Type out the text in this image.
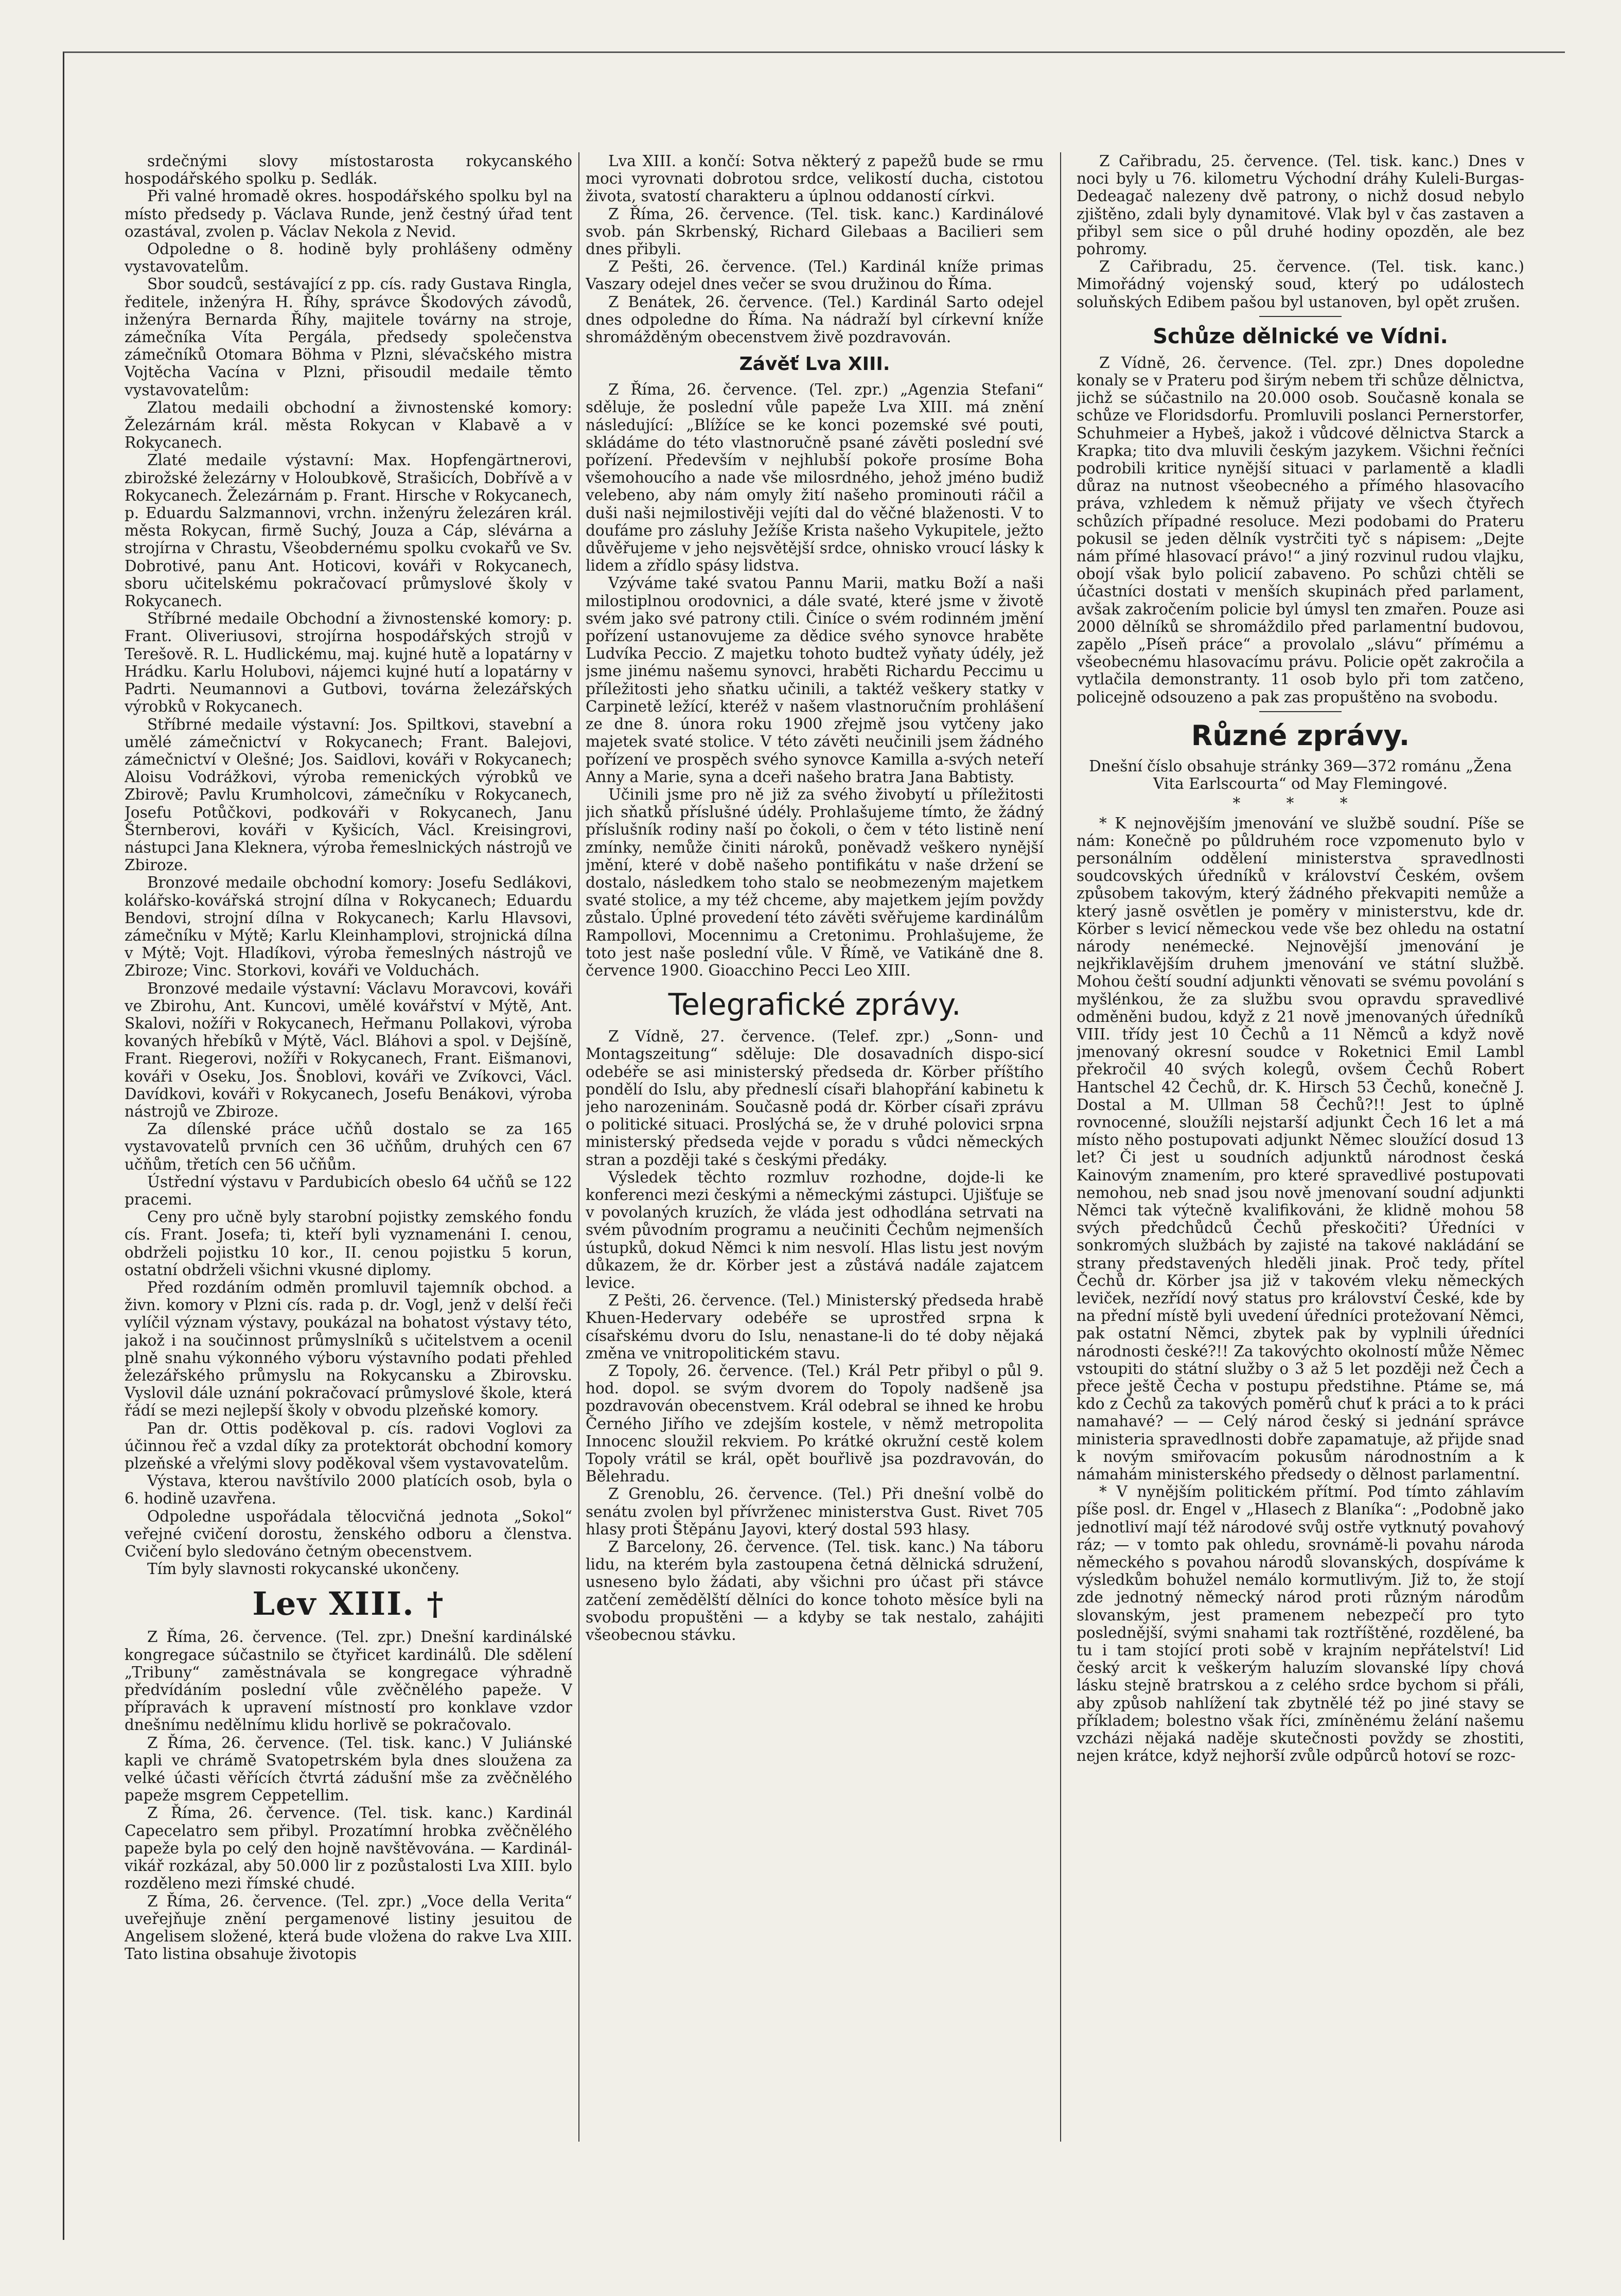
srdečnými slovy místostarosta rokycanského hospodářského spolku p. Sedlák.

Při valné hromadě okres. hospodářského spolku byl na místo předsedy p. Václava Runde, jenž čestný úřad tent ozastával, zvolen p. Václav Nekola z Nevid.

Odpoledne o 8. hodině byly prohlášeny odměny vystavovatelům.

Sbor soudců, sestávající z pp. cís. rady Gustava Ringla, ředitele, inženýra H. Říhy, správce Škodových závodů, inženýra Bernarda Říhy, majitele továrny na stroje, zámečníka Víta Pergála, předsedy společenstva zámečníků Otomara Böhma v Plzni, slévačského mistra Vojtěcha Vacína v Plzni, přisoudil medaile těmto vystavovatelům:

Zlatou medaili obchodní a živnostenské komory: Železárnám král. města Rokycan v Klabavě a v Rokycanech.

Zlaté medaile výstavní: Max. Hopfengärtnerovi, zbirožské železárny v Holoubkově, Strašicích, Dobřívě a v Rokycanech. Železárnám p. Frant. Hirsche v Rokycanech, p. Eduardu Salzmannovi, vrchn. inženýru železáren král. města Rokycan, firmě Suchý, Jouza a Cáp, slévárna a strojírna v Chrastu, Všeobdernému spolku cvokařů ve Sv. Dobrotivé, panu Ant. Hoticovi, kováři v Rokycanech, sboru učitelskému pokračovací průmyslové školy v Rokycanech.

Stříbrné medaile Obchodní a živnostenské komory: p. Frant. Oliveriusovi, strojírna hospodářských strojů v Terešově. R. L. Hudlickému, maj. kujné hutě a lopatárny v Hrádku. Karlu Holubovi, nájemci kujné hutí a lopatárny v Padrti. Neumannovi a Gutbovi, továrna železářských výrobků v Rokycanech.

Stříbrné medaile výstavní: Jos. Spiltkovi, stavební a umělé zámečnictví v Rokycanech; Frant. Balejovi, zámečnictví v Olešné; Jos. Saidlovi, kováři v Rokycanech; Aloisu Vodrážkovi, výroba remenických výrobků ve Zbirově; Pavlu Krumholcovi, zámečníku v Rokycanech, Josefu Potůčkovi, podkováři v Rokycanech, Janu Šternberovi, kováři v Kyšicích, Václ. Kreisingrovi, nástupci Jana Kleknera, výroba řemeslnických nástrojů ve Zbiroze.

Bronzové medaile obchodní komory: Josefu Sedlákovi, kolářsko-kovářská strojní dílna v Rokycanech; Eduardu Bendovi, strojní dílna v Rokycanech; Karlu Hlavsovi, zámečníku v Mýtě; Karlu Kleinhamplovi, strojnická dílna v Mýtě; Vojt. Hladíkovi, výroba řemeslných nástrojů ve Zbiroze; Vinc. Storkovi, kováři ve Volduchách.

Bronzové medaile výstavní: Václavu Moravcovi, kováři ve Zbirohu, Ant. Kuncovi, umělé kovářství v Mýtě, Ant. Skalovi, nožíři v Rokycanech, Heřmanu Pollakovi, výroba kovaných hřebíků v Mýtě, Václ. Bláhovi a spol. v Dejšíně, Frant. Riegerovi, nožíři v Rokycanech, Frant. Eišmanovi, kováři v Oseku, Jos. Šnoblovi, kováři ve Zvíkovci, Václ. Davídkovi, kováři v Rokycanech, Josefu Benákovi, výroba nástrojů ve Zbiroze.

Za dílenské práce učňů dostalo se za 165 vystavovatelů prvních cen 36 učňům, druhých cen 67 učňům, třetích cen 56 učňům.

Ústřední výstavu v Pardubicích obeslo 64 učňů se 122 pracemi.

Ceny pro učně byly starobní pojistky zemského fondu cís. Frant. Josefa; ti, kteří byli vyznamenáni I. cenou, obdrželi pojistku 10 kor., II. cenou pojistku 5 korun, ostatní obdrželi všichni vkusné diplomy.

Před rozdáním odměn promluvil tajemník obchod. a živn. komory v Plzni cís. rada p. dr. Vogl, jenž v delší řeči vylíčil význam výstavy, poukázal na bohatost výstavy této, jakož i na součinnost průmyslníků s učitelstvem a ocenil plně snahu výkonného výboru výstavního podati přehled železářského průmyslu na Rokycansku a Zbirovsku. Vyslovil dále uznání pokračovací průmyslové škole, která řádí se mezi nejlepší školy v obvodu plzeňské komory.

Pan dr. Ottis poděkoval p. cís. radovi Voglovi za účinnou řeč a vzdal díky za protektorát obchodní komory plzeňské a vřelými slovy poděkoval všem vystavovatelům.

Výstava, kterou navštívilo 2000 platících osob, byla o 6. hodině uzavřena.

Odpoledne uspořádala tělocvičná jednota „Sokol“ veřejné cvičení dorostu, ženského odboru a členstva. Cvičení bylo sledováno četným obecenstvem.

Tím byly slavnosti rokycanské ukončeny.

Lev XIII. †

Z Říma, 26. července. (Tel. zpr.) Dnešní kardinálské kongregace súčastnilo se čtyřicet kardinálů. Dle sdělení „Tribuny“ zaměstnávala se kongregace výhradně předvídáním poslední vůle zvěčnělého papeže. V přípravách k upravení místností pro konklave vzdor dnešnímu nedělnímu klidu horlivě se pokračovalo.

Z Říma, 26. července. (Tel. tisk. kanc.) V Juliánské kapli ve chrámě Svatopetrském byla dnes sloužena za velké účasti věřících čtvrtá zádušní mše za zvěčnělého papeže msgrem Ceppetellim.

Z Říma, 26. července. (Tel. tisk. kanc.) Kardinál Capecelatro sem přibyl. Prozatímní hrobka zvěčnělého papeže byla po celý den hojně navštěvována. — Kardinál-vikář rozkázal, aby 50.000 lir z pozůstalosti Lva XIII. bylo rozděleno mezi římské chudé.

Z Říma, 26. července. (Tel. zpr.) „Voce della Verita“ uveřejňuje znění pergamenové listiny jesuitou de Angelisem složené, která bude vložena do rakve Lva XIII. Tato listina obsahuje životopis

Lva XIII. a končí: Sotva některý z papežů bude se rmu moci vyrovnati dobrotou srdce, velikostí ducha, cistotou života, svatostí charakteru a úplnou oddaností církvi.

Z Říma, 26. července. (Tel. tisk. kanc.) Kardinálové svob. pán Skrbenský, Richard Gilebaas a Bacilieri sem dnes přibyli.

Z Pešti, 26. července. (Tel.) Kardinál kníže primas Vaszary odejel dnes večer se svou družinou do Říma.

Z Benátek, 26. července. (Tel.) Kardinál Sarto odejel dnes odpoledne do Říma. Na nádraží byl církevní kníže shromážděným obecenstvem živě pozdravován.

Závěť Lva XIII.

Z Říma, 26. července. (Tel. zpr.) „Agenzia Stefani“ sděluje, že poslední vůle papeže Lva XIII. má znění následující: „Blížíce se ke konci pozemské své pouti, skládáme do této vlastnoručně psané závěti poslední své pořízení. Především v nejhlubší pokoře prosíme Boha všemohoucího a nade vše milosrdného, jehož jméno budiž velebeno, aby nám omyly žití našeho prominouti ráčil a duši naši nejmilostivěji vejíti dal do věčné blaženosti. V to doufáme pro zásluhy Ježíše Krista našeho Vykupitele, ježto důvěřujeme v jeho nejsvětější srdce, ohnisko vroucí lásky k lidem a zřídlo spásy lidstva.

Vzýváme také svatou Pannu Marii, matku Boží a naši milostiplnou orodovnici, a dále svaté, které jsme v životě svém jako své patrony ctili. Činíce o svém rodinném jmění pořízení ustanovujeme za dědice svého synovce hraběte Ludvíka Peccio. Z majetku tohoto budtež vyňaty údély, jež jsme jinému našemu synovci, hraběti Richardu Peccimu u příležitosti jeho sňatku učinili, a taktéž veškery statky v Carpinetě ležící, kteréž v našem vlastnoručním prohlášení ze dne 8. února roku 1900 zřejmě jsou vytčeny jako majetek svaté stolice. V této závěti neučinili jsem žádného pořízení ve prospěch svého synovce Kamilla a-svých neteří Anny a Marie, syna a dceři našeho bratra Jana Babtisty.

Učinili jsme pro ně již za svého živobytí u příležitosti jich sňatků příslušné údély. Prohlašujeme tímto, že žádný příslušník rodiny naší po čokoli, o čem v této listině není zmínky, nemůže činiti nároků, poněvadž veškero nynější jmění, které v době našeho pontifikátu v naše držení se dostalo, následkem toho stalo se neobmezeným majetkem svaté stolice, a my též chceme, aby majetkem jejím povždy zůstalo. Úplné provedení této závěti svěřujeme kardinálům Rampollovi, Mocennimu a Cretonimu. Prohlašujeme, že toto jest naše poslední vůle. V Římě, ve Vatikáně dne 8. července 1900. Gioacchino Pecci Leo XIII.

Telegrafické zprávy.

Z Vídně, 27. července. (Telef. zpr.) „Sonn- und Montagszeitung“ sděluje: Dle dosavadních dispo-sicí odebéře se asi ministerský předseda dr. Körber příštího pondělí do Islu, aby předneslí císaři blahopřání kabinetu k jeho narozeninám. Současně podá dr. Körber císaři zprávu o politické situaci. Proslýchá se, že v druhé polovici srpna ministerský předseda vejde v poradu s vůdci německých stran a později také s českými předáky.

Výsledek těchto rozmluv rozhodne, dojde-li ke konferenci mezi českými a německými zástupci. Ujišťuje se v povolaných kruzích, že vláda jest odhodlána setrvati na svém původním programu a neučiniti Čechům nejmenších ústupků, dokud Němci k nim nesvolí. Hlas listu jest novým důkazem, že dr. Körber jest a zůstává nadále zajatcem levice.

Z Pešti, 26. července. (Tel.) Ministerský předseda hrabě Khuen-Hedervary odebéře se uprostřed srpna k císařskému dvoru do Islu, nenastane-li do té doby nějaká změna ve vnitropolitickém stavu.

Z Topoly, 26. července. (Tel.) Král Petr přibyl o půl 9. hod. dopol. se svým dvorem do Topoly nadšeně jsa pozdravován obecenstvem. Král odebral se ihned ke hrobu Černého Jiřího ve zdejším kostele, v němž metropolita Innocenc sloužil rekviem. Po krátké okružní cestě kolem Topoly vrátil se král, opět bouřlivě jsa pozdravován, do Bělehradu.

Z Grenoblu, 26. července. (Tel.) Při dnešní volbě do senátu zvolen byl přívrženec ministerstva Gust. Rivet 705 hlasy proti Štěpánu Jayovi, který dostal 593 hlasy.

Z Barcelony, 26. července. (Tel. tisk. kanc.) Na táboru lidu, na kterém byla zastoupena četná dělnická sdružení, usneseno bylo žádati, aby všichni pro účast při stávce zatčení zemědělští dělníci do konce tohoto měsíce byli na svobodu propuštěni — a kdyby se tak nestalo, zahájiti všeobecnou stávku.

Z Cařibradu, 25. července. (Tel. tisk. kanc.) Dnes v noci byly u 76. kilometru Východní dráhy Kuleli-Burgas-Dedeagač nalezeny dvě patrony, o nichž dosud nebylo zjištěno, zdali byly dynamitové. Vlak byl v čas zastaven a přibyl sem sice o půl druhé hodiny opozděn, ale bez pohromy.

Z Cařibradu, 25. července. (Tel. tisk. kanc.) Mimořádný vojenský soud, který po událostech soluňských Edibem pašou byl ustanoven, byl opět zrušen.

Schůze dělnické ve Vídni.

Z Vídně, 26. července. (Tel. zpr.) Dnes dopoledne konaly se v Prateru pod širým nebem tři schůze dělnictva, jichž se súčastnilo na 20.000 osob. Současně konala se schůze ve Floridsdorfu. Promluvili poslanci Pernerstorfer, Schuhmeier a Hybeš, jakož i vůdcové dělnictva Starck a Krapka; tito dva mluvili českým jazykem. Všichni řečníci podrobili kritice nynější situaci v parlamentě a kladli důraz na nutnost všeobecného a přímého hlasovacího práva, vzhledem k němuž přijaty ve všech čtyřech schůzích případné resoluce. Mezi podobami do Prateru pokusil se jeden dělník vystrčiti tyč s nápisem: „Dejte nám přímé hlasovací právo!“ a jiný rozvinul rudou vlajku, obojí však bylo policií zabaveno. Po schůzi chtěli se účastníci dostati v menších skupinách před parlament, avšak zakročením policie byl úmysl ten zmařen. Pouze asi 2000 dělníků se shromáždilo před parlamentní budovou, zapělo „Píseň práce“ a provolalo „slávu“ přímému a všeobecnému hlasovacímu právu. Policie opět zakročila a vytlačila demonstranty. 11 osob bylo při tom zatčeno, policejně odsouzeno a pak zas propuštěno na svobodu.

Různé zprávy.

Dnešní číslo obsahuje stránky 369—372 románu „Žena Vita Earlscourta“ od May Flemingové.

* * *

* K nejnovějším jmenování ve službě soudní. Píše se nám: Konečně po půldruhém roce vzpomenuto bylo v personálním oddělení ministerstva spravedlnosti soudcovských úředníků v království Českém, ovšem způsobem takovým, který žádného překvapiti nemůže a který jasně osvětlen je poměry v ministerstvu, kde dr. Körber s levicí německou vede vše bez ohledu na ostatní národy nenémecké. Nejnovější jmenování je nejkřiklavějším druhem jmenování ve státní službě. Mohou čeští soudní adjunkti věnovati se svému povolání s myšlénkou, že za službu svou opravdu spravedlivé odměněni budou, když z 21 nově jmenovaných úředníků VIII. třídy jest 10 Čechů a 11 Němců a když nově jmenovaný okresní soudce v Roketnici Emil Lambl překročil 40 svých kolegů, ovšem Čechů Robert Hantschel 42 Čechů, dr. K. Hirsch 53 Čechů, konečně J. Dostal a M. Ullman 58 Čechů?!! Jest to úplně rovnocenné, sloužíli nejstarší adjunkt Čech 16 let a má místo něho postupovati adjunkt Němec sloužící dosud 13 let? Či jest u soudních adjunktů národnost česká Kainovým znamením, pro které spravedlivé postupovati nemohou, neb snad jsou nově jmenovaní soudní adjunkti Němci tak výtečně kvalifikováni, že klidně mohou 58 svých předchůdců Čechů přeskočiti? Úředníci v sonkromých službách by zajisté na takové nakládání se strany představených hleděli jinak. Proč tedy, přítel Čechů dr. Körber jsa již v takovém vleku německých leviček, nezřídí nový status pro království České, kde by na přední místě byli uvedení úředníci protežovaní Němci, pak ostatní Němci, zbytek pak by vyplnili úředníci národnosti české?!! Za takovýchto okolností může Němec vstoupiti do státní služby o 3 až 5 let později než Čech a přece ještě Čecha v postupu předstihne. Ptáme se, má kdo z Čechů za takových poměrů chuť k práci a to k práci namahavé? — — Celý národ český si jednání správce ministeria spravedlnosti dobře zapamatuje, až přijde snad k novým smiřovacím pokusům národnostním a k námahám ministerského předsedy o dělnost parlamentní.

* V nynějším politickém přítmí. Pod tímto záhlavím píše posl. dr. Engel v „Hlasech z Blaníka“: „Podobně jako jednotliví mají též národové svůj ostře vytknutý povahový ráz; — v tomto pak ohledu, srovnámě-li povahu národa německého s povahou národů slovanských, dospíváme k výsledkům bohužel nemálo kormutlivým. Již to, že stojí zde jednotný německý národ proti různým národům slovanským, jest pramenem nebezpečí pro tyto poslednější, svými snahami tak roztříštěné, rozdělené, ba tu i tam stojící proti sobě v krajním nepřátelství! Lid český arcit k veškerým haluzím slovanské lípy chová lásku stejně bratrskou a z celého srdce bychom si přáli, aby způsob nahlížení tak zbytnělé též po jiné stavy se příkladem; bolestno však říci, zmíněnému želání našemu vzcházi nějaká naděje skutečnosti povždy se zhostiti, nejen krátce, když nejhorší zvůle odpůrců hotoví se rozc-
